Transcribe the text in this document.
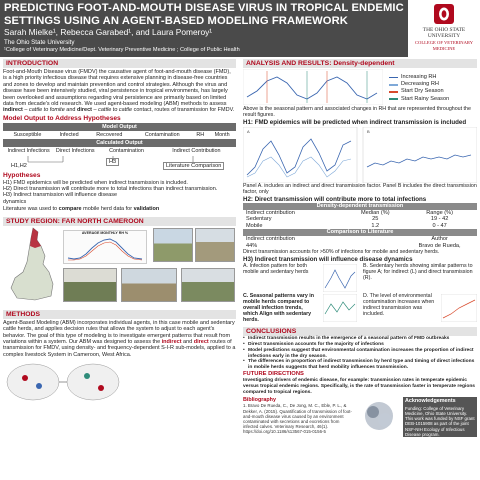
PREDICTING FOOT-AND-MOUTH DISEASE VIRUS IN TROPICAL ENDEMIC SETTINGS USING AN AGENT-BASED MODELING FRAMEWORK
Sarah Mielke¹, Rebecca Garabed¹, and Laura Pomeroy¹
The Ohio State University
¹College of Veterinary Medicine/Dept. Veterinary Preventive Medicine ; College of Public Health
THE OHIO STATE UNIVERSITY
COLLEGE OF VETERINARY MEDICINE
INTRODUCTION
Foot-and-Mouth Disease virus (FMDV) the causative agent of foot-and-mouth disease (FMD), is a high priority infectious disease that requires extensive planning in disease-free countries and zones to develop and maintain prevention and control strategies. Although the virus and disease have been intensively studied, viral persistence in tropical environments, has largely been overlooked and assumptions regarding viral persistence are primarily based on limited data from decade's old research. We used agent-based modeling (ABM) methods to assess indirect – cattle to fomite and direct – cattle to cattle contact, routes of transmission for FMDV.
Model Output to Address Hypotheses
Model Output
Susceptible	Infected	Recovered	Contamination	RH	Month
Calculated Output
Indirect Infections	Direct Infections	Contamination	Indirect Contribution
H1,H2
H3
Literature Comparison
Hypotheses
H1) FMD epidemics will be predicted when indirect transmission is included.
H2) Direct transmission will contribute more to total infections than indirect transmission.
H3) Indirect transmission will influence disease dynamics
Literature was used to compare mobile herd data for validation
STUDY REGION: FAR NORTH CAMEROON
AVERAGE MONTHLY RH %
METHODS
Agent-Based Modeling (ABM) incorporates individual agents, in this case mobile and sedentary cattle herds, and applies decision rules that allows the system to adjust to each agent's behavior. The goal of this type of modeling is to investigate emergent patterns that result from variations within a system. Our ABM was designed to assess the indirect and direct routes of transmission for FMDV, using density- and frequency-dependent S-I-R sub-models, applied to a complex livestock System in Cameroon, West Africa.
ANALYSIS AND RESULTS: Density-dependent
Increasing RH
Decreasing RH
Start Dry Season
Start Rainy Season
Above is the seasonal pattern and associated changes in RH that are represented throughout the result figures.
H1: FMD epidemics will be predicted when indirect transmission is included
A	B
Panel A. includes an indirect and direct transmission factor. Panel B includes the direct transmission factor, only
H2: Direct transmission will contribute more to total infections
Density-dependent transmission		
Indirect contribution	Median (%)	Range (%)
Sedentary	25	19 - 42
Mobile	1.2	0 - 47
Comparison to Literature		
Indirect contribution		Author
44%		Bravo de Rueda,
Direct transmission accounts for >50% of infections for mobile and sedentary herds.
H3) Indirect transmission will influence disease dynamics
A. Infection pattern for both mobile and sedentary herds
B. Sedentary herds showing similar patterns to figure A; for indirect (L) and direct transmission (R).
C. Seasonal patterns vary in mobile herds compared to overall infection trends, which Align with sedentary herds.
D. The level of environmental contamination increases when indirect transmission was included.
CONCLUSIONS
• Indirect transmission results in the emergence of a seasonal pattern of FMD outbreaks
• Direct transmission accounts for the majority of infections
• Model predictions suggest that environmental contamination increases the proportion of indirect infections early in the dry season.
• The differences in proportion of indirect transmission by herd type and timing of direct infections in mobile herds suggests that herd mobility influences transmission.
FUTURE DIRECTIONS
Investigating drivers of endemic disease, for example: transmission rates in temperate epidemic versus tropical endemic regions. Specifically, is the rate of transmission faster in temperate regions compared to tropical regions.
Bibliography
1. Bravo De Rueda, C., De Jong, M. C., Eble, P. L., & Dekker, A. (2015). Quantification of transmission of foot-and-mouth disease virus caused by an environment contaminated with secretions and excretions from infected calves. Veterinary Research, 46(1). https://doi.org/10.1186/s13567-015-0156-5
Acknowledgements
Funding: College of Veterinary Medicine, Ohio State University. This work was funded by NSF grant DEB-1015908 as part of the joint NSF-NIH Ecology of Infectious Disease program.
